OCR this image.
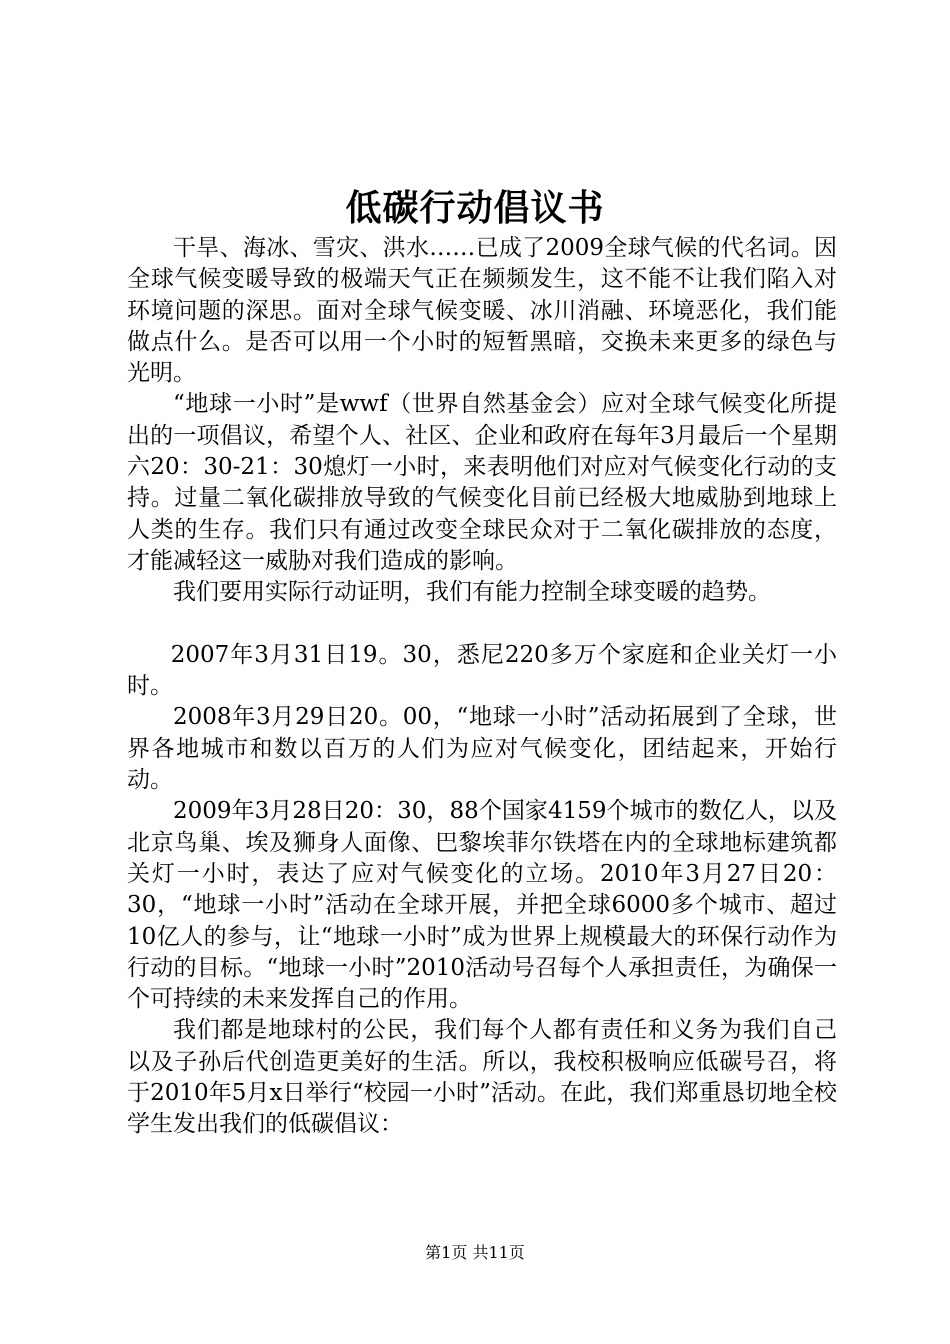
低碳行动倡议书

干旱、海冰、雪灾、洪水……已成了2009全球气候的代名词。因全球气候变暖导致的极端天气正在频频发生，这不能不让我们陷入对环境问题的深思。面对全球气候变暖、冰川消融、环境恶化，我们能做点什么。是否可以用一个小时的短暂黑暗，交换未来更多的绿色与光明。

“地球一小时”是wwf（世界自然基金会）应对全球气候变化所提出的一项倡议，希望个人、社区、企业和政府在每年3月最后一个星期六20：30-21：30熄灯一小时，来表明他们对应对气候变化行动的支持。过量二氧化碳排放导致的气候变化目前已经极大地威胁到地球上人类的生存。我们只有通过改变全球民众对于二氧化碳排放的态度，才能减轻这一威胁对我们造成的影响。

我们要用实际行动证明，我们有能力控制全球变暖的趋势。

2007年3月31日19。30，悉尼220多万个家庭和企业关灯一小时。

2008年3月29日20。00，“地球一小时”活动拓展到了全球，世界各地城市和数以百万的人们为应对气候变化，团结起来，开始行动。

2009年3月28日20：30，88个国家4159个城市的数亿人，以及北京鸟巢、埃及狮身人面像、巴黎埃菲尔铁塔在内的全球地标建筑都关灯一小时，表达了应对气候变化的立场。2010年3月27日20：30，“地球一小时”活动在全球开展，并把全球6000多个城市、超过10亿人的参与，让“地球一小时”成为世界上规模最大的环保行动作为行动的目标。“地球一小时”2010活动号召每个人承担责任，为确保一个可持续的未来发挥自己的作用。

我们都是地球村的公民，我们每个人都有责任和义务为我们自己以及子孙后代创造更美好的生活。所以，我校积极响应低碳号召，将于2010年5月x日举行“校园一小时”活动。在此，我们郑重恳切地全校学生发出我们的低碳倡议：

第1页 共11页
